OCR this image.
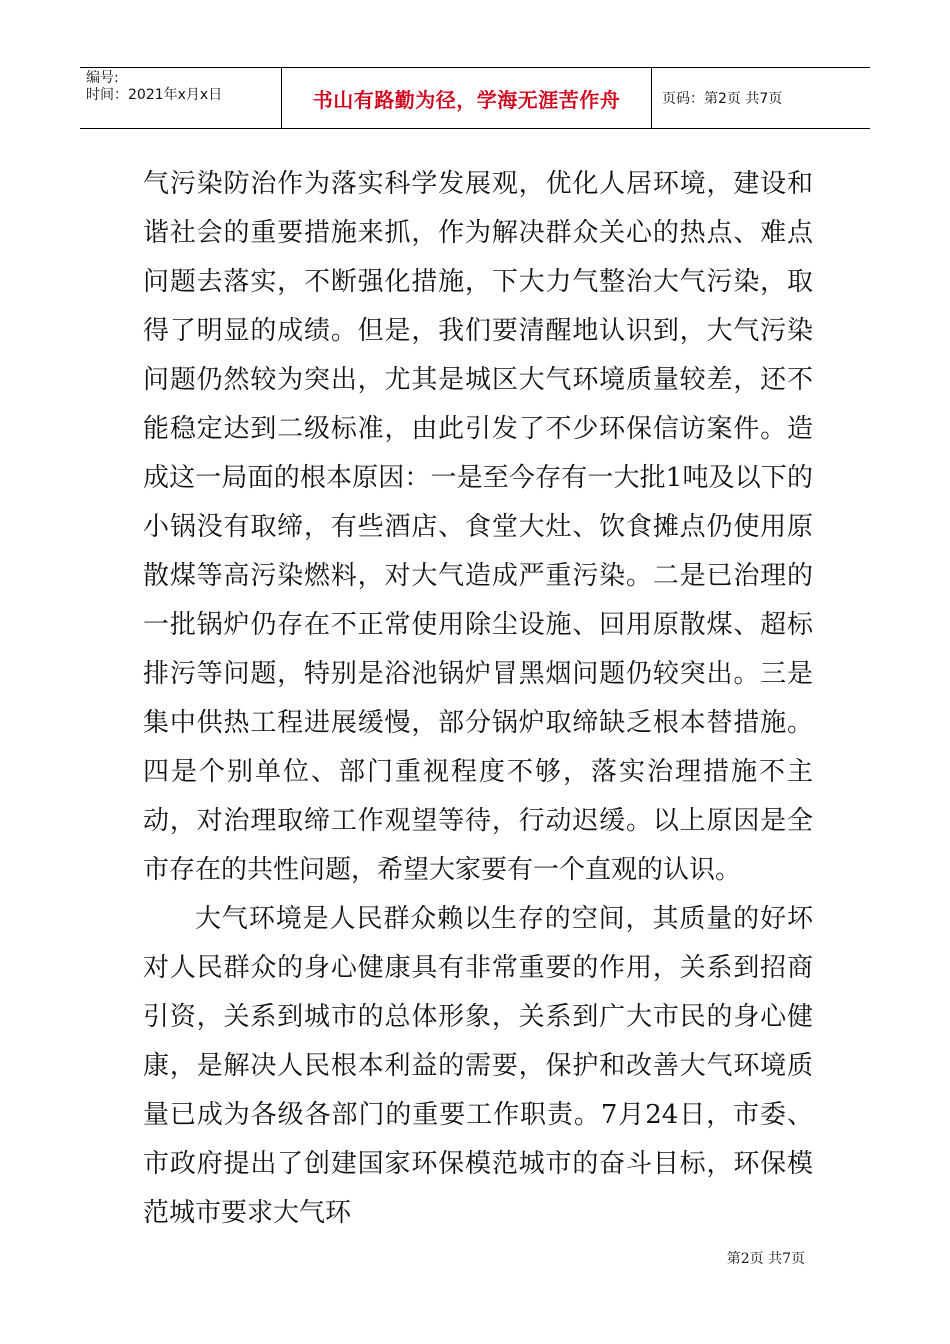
编号:
时间：2021年x月x日	书山有路勤为径，学海无涯苦作舟	页码：第2页 共7页

气污染防治作为落实科学发展观，优化人居环境，建设和谐社会的重要措施来抓，作为解决群众关心的热点、难点问题去落实，不断强化措施，下大力气整治大气污染，取得了明显的成绩。但是，我们要清醒地认识到，大气污染问题仍然较为突出，尤其是城区大气环境质量较差，还不能稳定达到二级标准，由此引发了不少环保信访案件。造成这一局面的根本原因：一是至今存有一大批1吨及以下的小锅没有取缔，有些酒店、食堂大灶、饮食摊点仍使用原散煤等高污染燃料，对大气造成严重污染。二是已治理的一批锅炉仍存在不正常使用除尘设施、回用原散煤、超标排污等问题，特别是浴池锅炉冒黑烟问题仍较突出。三是集中供热工程进展缓慢，部分锅炉取缔缺乏根本替措施。四是个别单位、部门重视程度不够，落实治理措施不主动，对治理取缔工作观望等待，行动迟缓。以上原因是全市存在的共性问题，希望大家要有一个直观的认识。

大气环境是人民群众赖以生存的空间，其质量的好坏对人民群众的身心健康具有非常重要的作用，关系到招商引资，关系到城市的总体形象，关系到广大市民的身心健康，是解决人民根本利益的需要，保护和改善大气环境质量已成为各级各部门的重要工作职责。7月24日，市委、市政府提出了创建国家环保模范城市的奋斗目标，环保模范城市要求大气环

第2页 共7页
